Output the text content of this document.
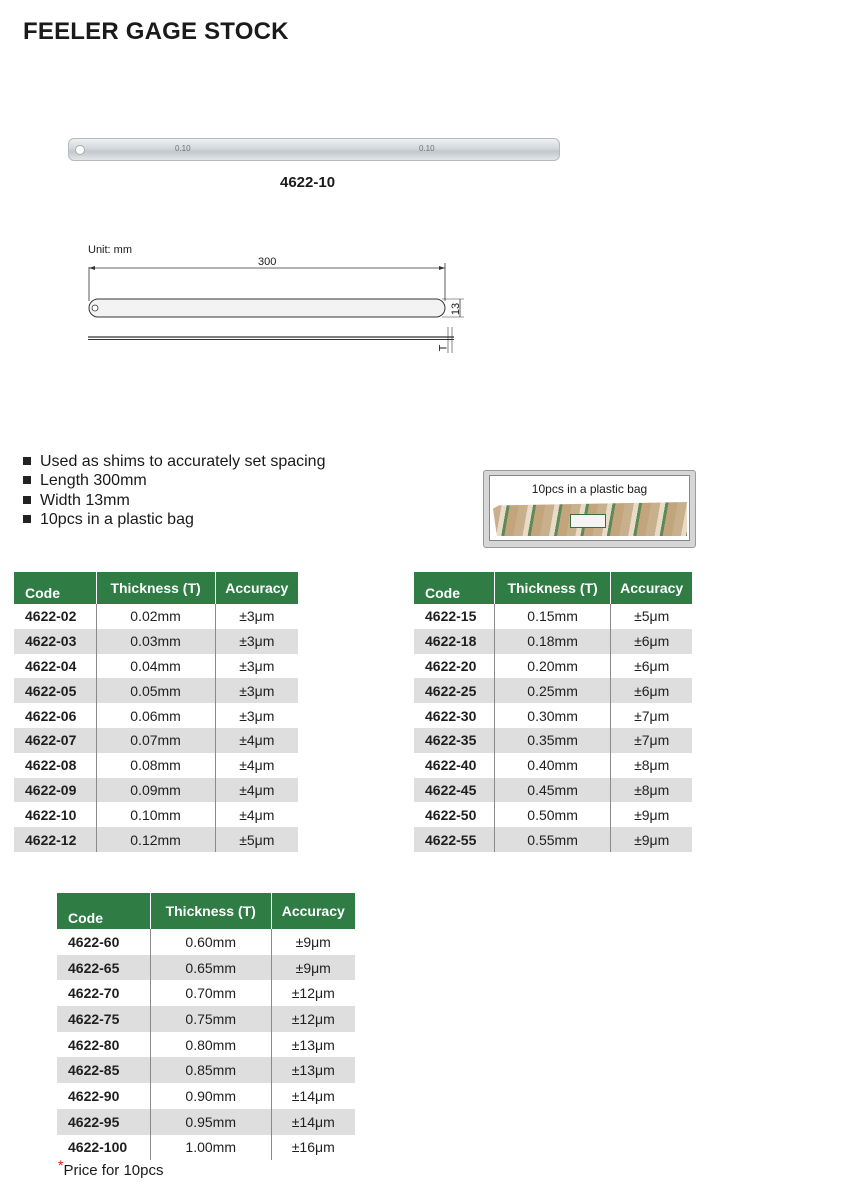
FEELER GAGE STOCK
0.10	0.10
4622-10
Unit: mm
300
13
T
Used as shims to accurately set spacing
Length 300mm
Width 13mm
10pcs in a plastic bag
10pcs in a plastic bag
Code	Thickness (T)	Accuracy
4622-02	0.02mm	±3μm
4622-03	0.03mm	±3μm
4622-04	0.04mm	±3μm
4622-05	0.05mm	±3μm
4622-06	0.06mm	±3μm
4622-07	0.07mm	±4μm
4622-08	0.08mm	±4μm
4622-09	0.09mm	±4μm
4622-10	0.10mm	±4μm
4622-12	0.12mm	±5μm
Code	Thickness (T)	Accuracy
4622-15	0.15mm	±5μm
4622-18	0.18mm	±6μm
4622-20	0.20mm	±6μm
4622-25	0.25mm	±6μm
4622-30	0.30mm	±7μm
4622-35	0.35mm	±7μm
4622-40	0.40mm	±8μm
4622-45	0.45mm	±8μm
4622-50	0.50mm	±9μm
4622-55	0.55mm	±9μm
Code	Thickness (T)	Accuracy
4622-60	0.60mm	±9μm
4622-65	0.65mm	±9μm
4622-70	0.70mm	±12μm
4622-75	0.75mm	±12μm
4622-80	0.80mm	±13μm
4622-85	0.85mm	±13μm
4622-90	0.90mm	±14μm
4622-95	0.95mm	±14μm
4622-100	1.00mm	±16μm
*Price for 10pcs
